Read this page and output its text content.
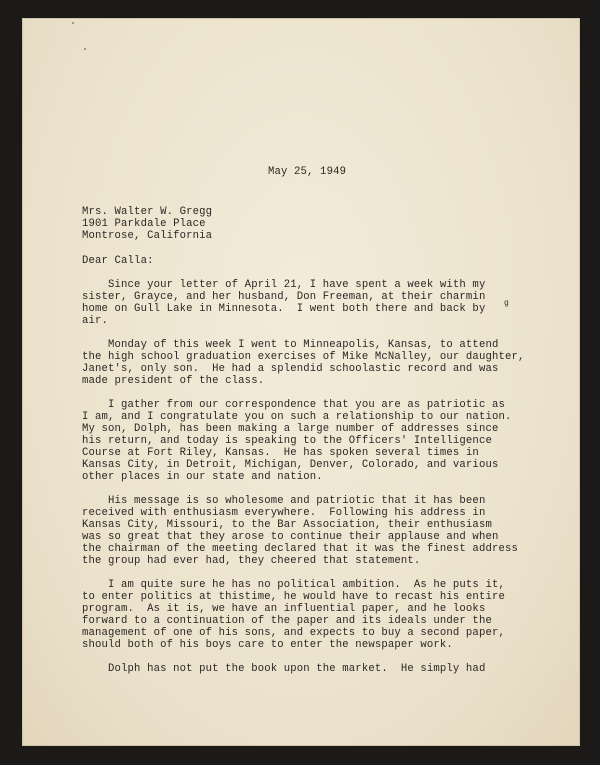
May 25, 1949
Mrs. Walter W. Gregg
1901 Parkdale Place
Montrose, California
Dear Calla:
Since your letter of April 21, I have spent a week with my
sister, Grayce, and her husband, Don Freeman, at their charmin
home on Gull Lake in Minnesota.  I went both there and back by
air.
g
Monday of this week I went to Minneapolis, Kansas, to attend
the high school graduation exercises of Mike McNalley, our daughter,
Janet's, only son.  He had a splendid schoolastic record and was
made president of the class.
I gather from our correspondence that you are as patriotic as
I am, and I congratulate you on such a relationship to our nation.
My son, Dolph, has been making a large number of addresses since
his return, and today is speaking to the Officers' Intelligence
Course at Fort Riley, Kansas.  He has spoken several times in
Kansas City, in Detroit, Michigan, Denver, Colorado, and various
other places in our state and nation.
His message is so wholesome and patriotic that it has been
received with enthusiasm everywhere.  Following his address in
Kansas City, Missouri, to the Bar Association, their enthusiasm
was so great that they arose to continue their applause and when
the chairman of the meeting declared that it was the finest address
the group had ever had, they cheered that statement.
I am quite sure he has no political ambition.  As he puts it,
to enter politics at thistime, he would have to recast his entire
program.  As it is, we have an influential paper, and he looks
forward to a continuation of the paper and its ideals under the
management of one of his sons, and expects to buy a second paper,
should both of his boys care to enter the newspaper work.
Dolph has not put the book upon the market.  He simply had
